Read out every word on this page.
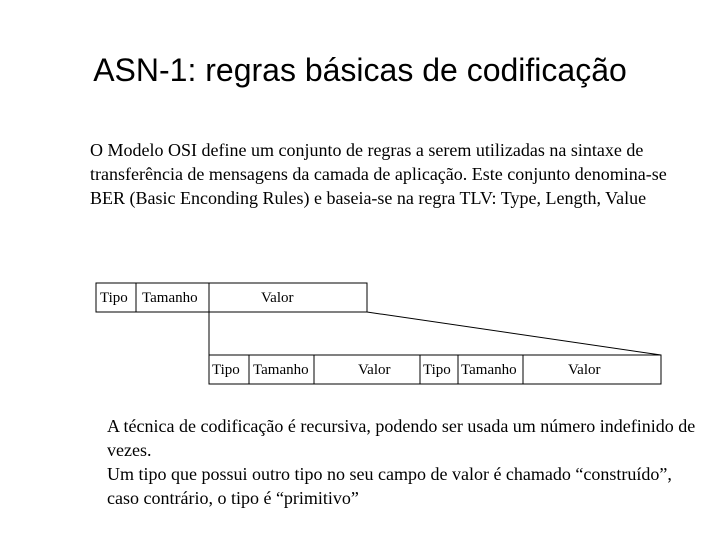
ASN-1: regras básicas de codificação

O Modelo OSI define um conjunto de regras a serem utilizadas na sintaxe de transferência de mensagens da camada de aplicação. Este conjunto denomina-se BER (Basic Enconding Rules) e baseia-se na regra TLV: Type, Length, Value

Tipo Tamanho	Valor
Tipo Tamanho	Valor Tipo Tamanho	Valor

A técnica de codificação é recursiva, podendo ser usada um número indefinido de vezes.

Um tipo que possui outro tipo no seu campo de valor é chamado “construído”, caso contrário, o tipo é “primitivo”
